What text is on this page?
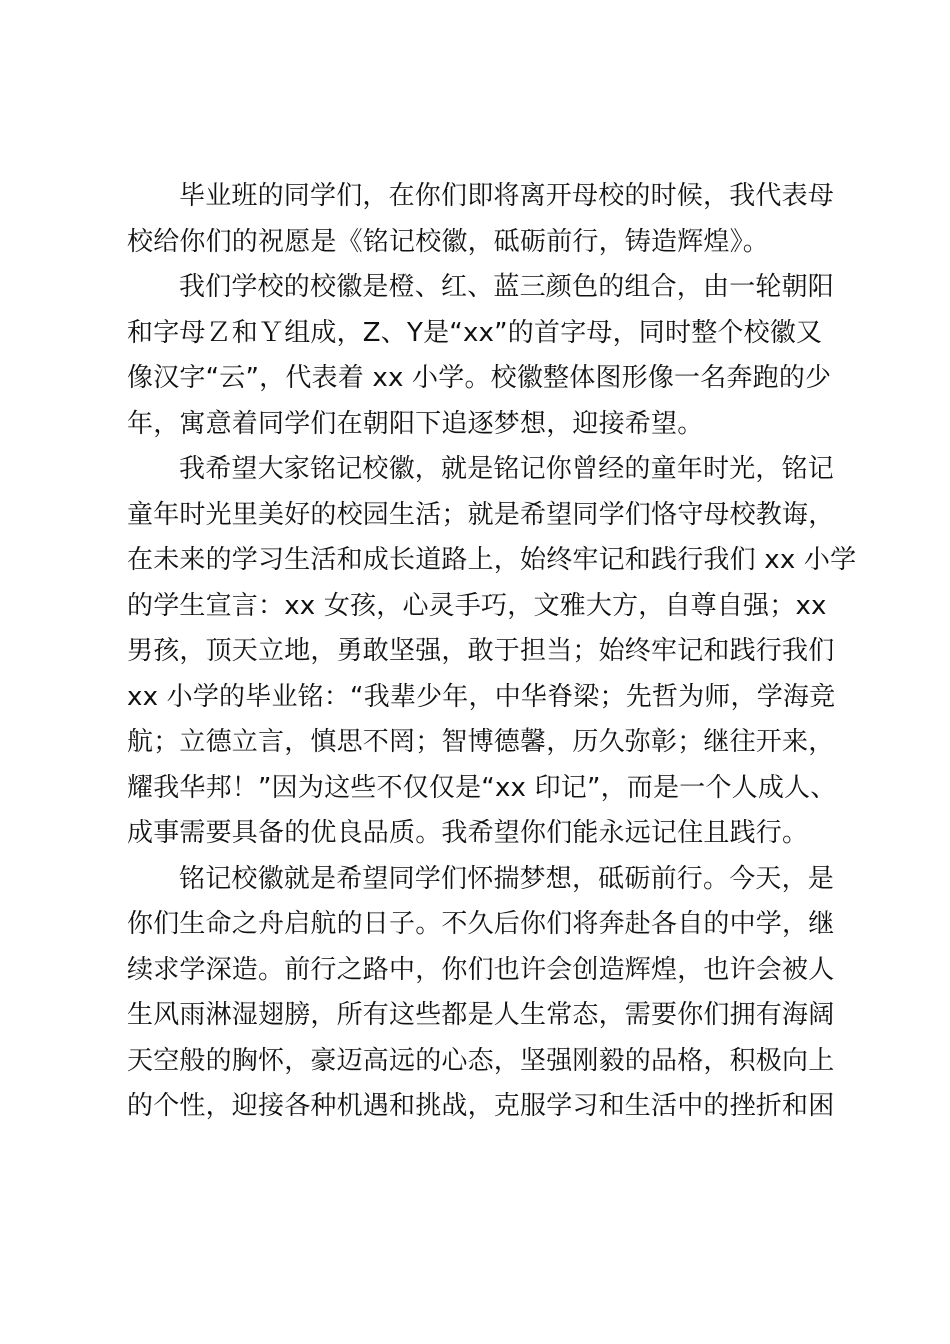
毕业班的同学们，在你们即将离开母校的时候，我代表母
校给你们的祝愿是《铭记校徽，砥砺前行，铸造辉煌》。
我们学校的校徽是橙、红、蓝三颜色的组合，由一轮朝阳
和字母Ｚ和Ｙ组成，Z、Y是“xx”的首字母，同时整个校徽又
像汉字“云”，代表着 xx 小学。校徽整体图形像一名奔跑的少
年，寓意着同学们在朝阳下追逐梦想，迎接希望。
我希望大家铭记校徽，就是铭记你曾经的童年时光，铭记
童年时光里美好的校园生活；就是希望同学们恪守母校教诲，
在未来的学习生活和成长道路上，始终牢记和践行我们 xx 小学
的学生宣言：xx 女孩，心灵手巧，文雅大方，自尊自强；xx
男孩，顶天立地，勇敢坚强，敢于担当；始终牢记和践行我们
xx 小学的毕业铭：“我辈少年，中华脊梁；先哲为师，学海竞
航；立德立言，慎思不罔；智博德馨，历久弥彰；继往开来，
耀我华邦！”因为这些不仅仅是“xx 印记”，而是一个人成人、
成事需要具备的优良品质。我希望你们能永远记住且践行。
铭记校徽就是希望同学们怀揣梦想，砥砺前行。今天，是
你们生命之舟启航的日子。不久后你们将奔赴各自的中学，继
续求学深造。前行之路中，你们也许会创造辉煌，也许会被人
生风雨淋湿翅膀，所有这些都是人生常态，需要你们拥有海阔
天空般的胸怀，豪迈高远的心态，坚强刚毅的品格，积极向上
的个性，迎接各种机遇和挑战，克服学习和生活中的挫折和困
